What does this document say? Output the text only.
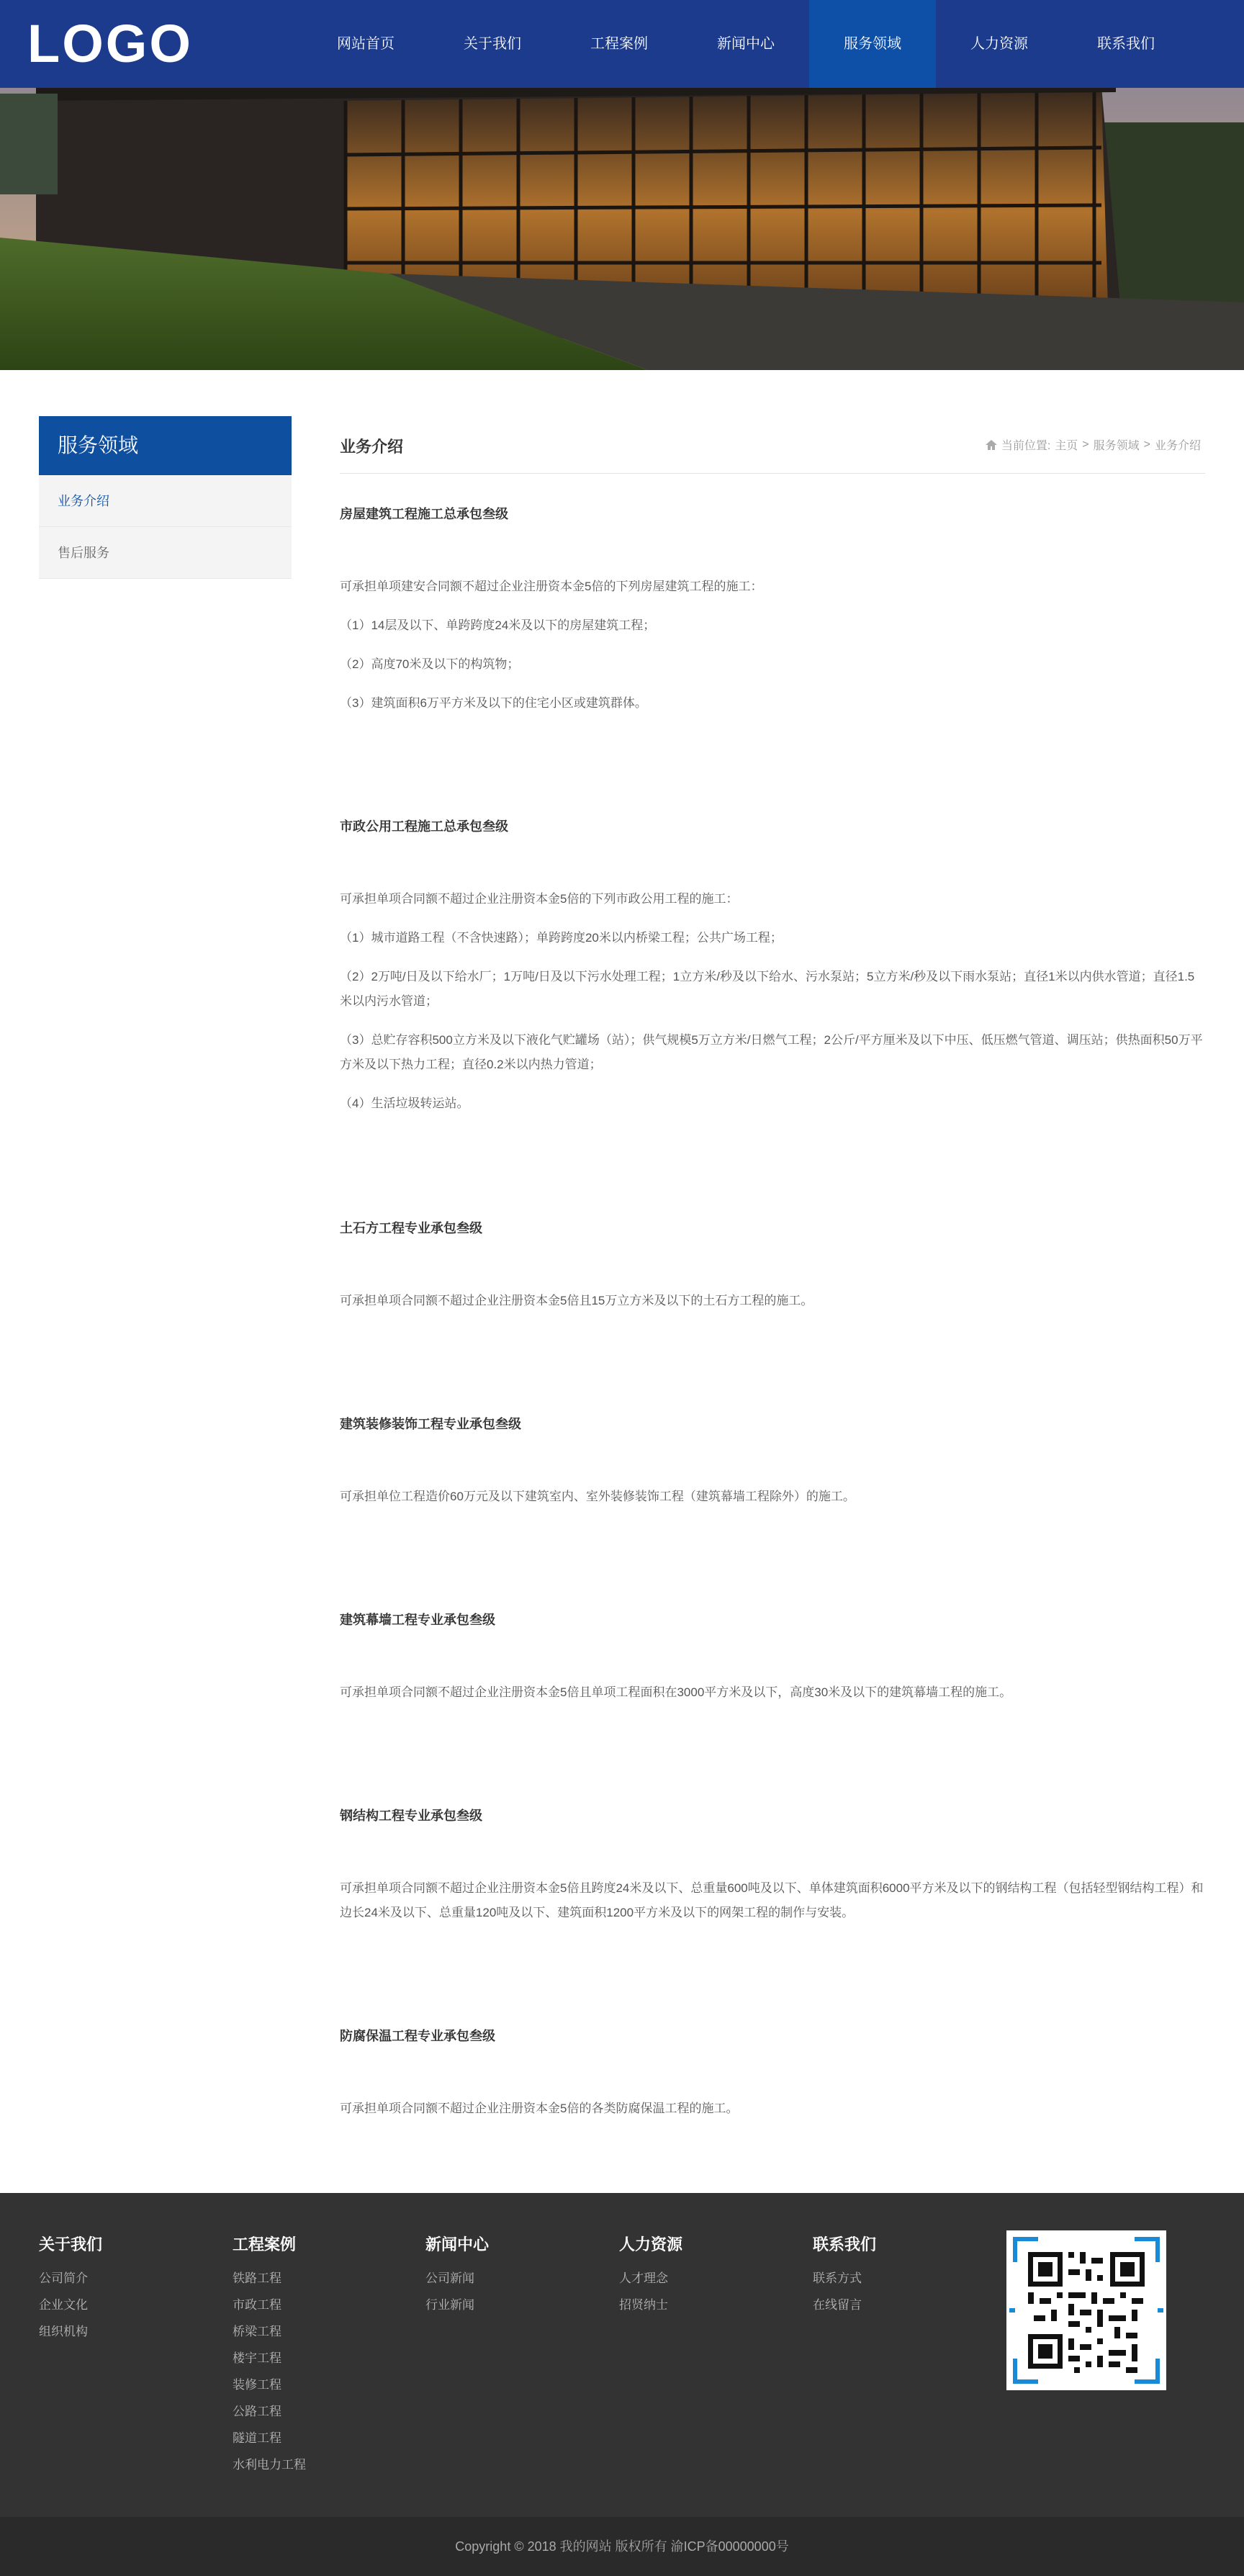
LOGO	网站首页	关于我们	工程案例	新闻中心	服务领域	人力资源	联系我们
服务领域
业务介绍
售后服务
业务介绍	当前位置: 主页 > 服务领域 > 业务介绍
房屋建筑工程施工总承包叁级
可承担单项建安合同额不超过企业注册资本金5倍的下列房屋建筑工程的施工：
（1）14层及以下、单跨跨度24米及以下的房屋建筑工程；
（2）高度70米及以下的构筑物；
（3）建筑面积6万平方米及以下的住宅小区或建筑群体。
市政公用工程施工总承包叁级
可承担单项合同额不超过企业注册资本金5倍的下列市政公用工程的施工：
（1）城市道路工程（不含快速路）；单跨跨度20米以内桥梁工程；公共广场工程；
（2）2万吨/日及以下给水厂；1万吨/日及以下污水处理工程；1立方米/秒及以下给水、污水泵站；5立方米/秒及以下雨水泵站；直径1米以内供水管道；直径1.5米以内污水管道；
（3）总贮存容积500立方米及以下液化气贮罐场（站）；供气规模5万立方米/日燃气工程；2公斤/平方厘米及以下中压、低压燃气管道、调压站；供热面积50万平方米及以下热力工程；直径0.2米以内热力管道；
（4）生活垃圾转运站。
土石方工程专业承包叁级
可承担单项合同额不超过企业注册资本金5倍且15万立方米及以下的土石方工程的施工。
建筑装修装饰工程专业承包叁级
可承担单位工程造价60万元及以下建筑室内、室外装修装饰工程（建筑幕墙工程除外）的施工。
建筑幕墙工程专业承包叁级
可承担单项合同额不超过企业注册资本金5倍且单项工程面积在3000平方米及以下，高度30米及以下的建筑幕墙工程的施工。
钢结构工程专业承包叁级
可承担单项合同额不超过企业注册资本金5倍且跨度24米及以下、总重量600吨及以下、单体建筑面积6000平方米及以下的钢结构工程（包括轻型钢结构工程）和边长24米及以下、总重量120吨及以下、建筑面积1200平方米及以下的网架工程的制作与安装。
防腐保温工程专业承包叁级
可承担单项合同额不超过企业注册资本金5倍的各类防腐保温工程的施工。
关于我们
公司简介
企业文化
组织机构
工程案例
铁路工程
市政工程
桥梁工程
楼宇工程
装修工程
公路工程
隧道工程
水利电力工程
新闻中心
公司新闻
行业新闻
人力资源
人才理念
招贤纳士
联系我们
联系方式
在线留言
Copyright © 2018 我的网站 版权所有 渝ICP备00000000号
